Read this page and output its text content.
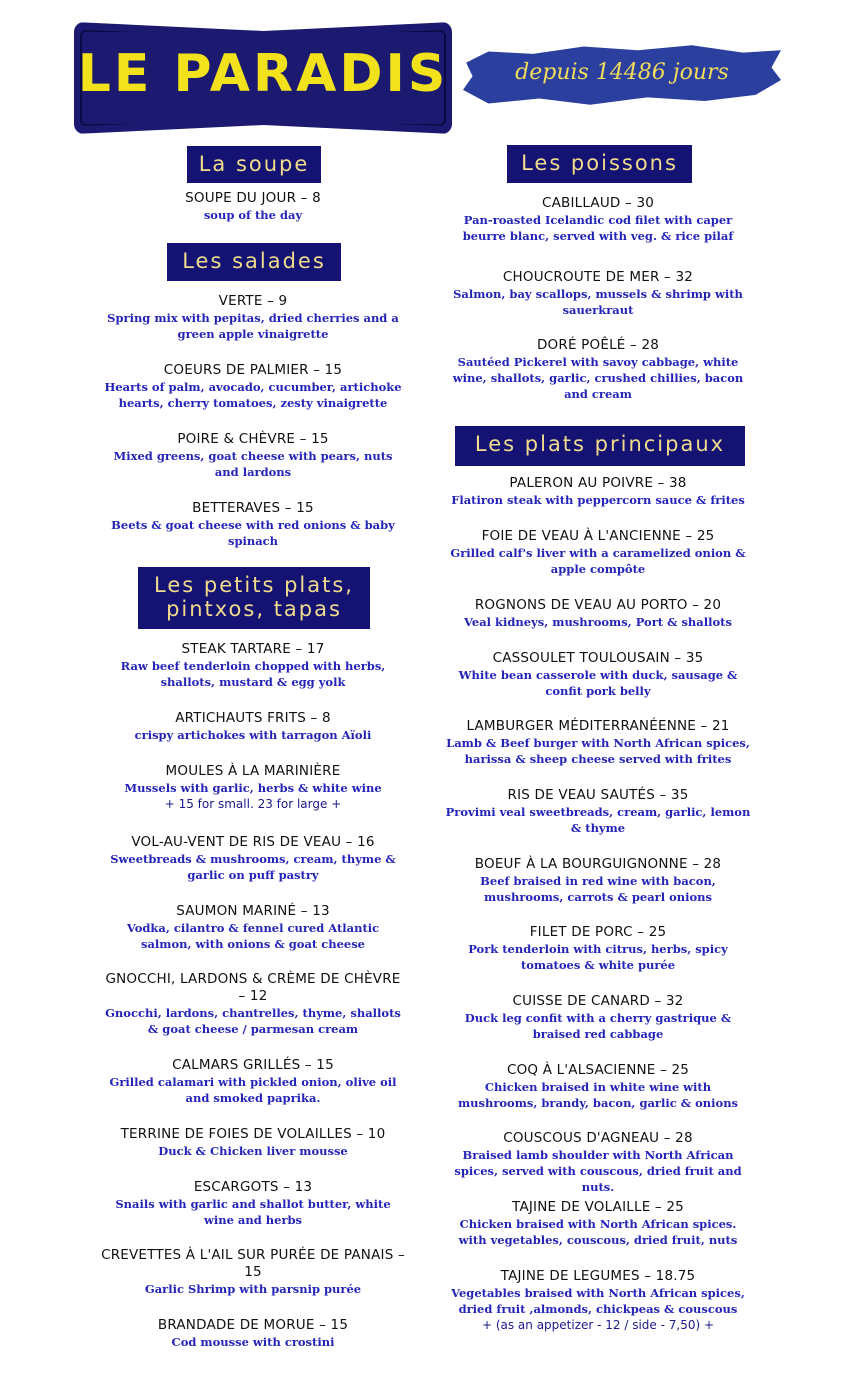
LE PARADIS	depuis 14486 jours
La soupe
SOUPE DU JOUR – 8
soup of the day
Les salades
VERTE – 9
Spring mix with pepitas, dried cherries and a green apple vinaigrette
COEURS DE PALMIER – 15
Hearts of palm, avocado, cucumber, artichoke hearts, cherry tomatoes, zesty vinaigrette
POIRE & CHÈVRE – 15
Mixed greens, goat cheese with pears, nuts and lardons
BETTERAVES – 15
Beets & goat cheese with red onions & baby spinach
Les petits plats,
pintxos, tapas
STEAK TARTARE – 17
Raw beef tenderloin chopped with herbs, shallots, mustard & egg yolk
ARTICHAUTS FRITS – 8
crispy artichokes with tarragon Aïoli
MOULES À LA MARINIÈRE
Mussels with garlic, herbs & white wine
+ 15 for small. 23 for large +
VOL-AU-VENT DE RIS DE VEAU – 16
Sweetbreads & mushrooms, cream, thyme & garlic on puff pastry
SAUMON MARINÉ – 13
Vodka, cilantro & fennel cured Atlantic salmon, with onions & goat cheese
GNOCCHI, LARDONS & CRÈME DE CHÈVRE – 12
Gnocchi, lardons, chantrelles, thyme, shallots & goat cheese / parmesan cream
CALMARS GRILLÉS – 15
Grilled calamari with pickled onion, olive oil and smoked paprika.
TERRINE DE FOIES DE VOLAILLES – 10
Duck & Chicken liver mousse
ESCARGOTS – 13
Snails with garlic and shallot butter, white wine and herbs
CREVETTES À L'AIL SUR PURÉE DE PANAIS – 15
Garlic Shrimp with parsnip purée
BRANDADE DE MORUE – 15
Cod mousse with crostini
Les poissons
CABILLAUD – 30
Pan-roasted Icelandic cod filet with caper beurre blanc, served with veg. & rice pilaf
CHOUCROUTE DE MER – 32
Salmon, bay scallops, mussels & shrimp with sauerkraut
DORÉ POÊLÉ – 28
Sautéed Pickerel with savoy cabbage, white wine, shallots, garlic, crushed chillies, bacon and cream
Les plats principaux
PALERON AU POIVRE – 38
Flatiron steak with peppercorn sauce & frites
FOIE DE VEAU À L'ANCIENNE – 25
Grilled calf's liver with a caramelized onion & apple compôte
ROGNONS DE VEAU AU PORTO – 20
Veal kidneys, mushrooms, Port & shallots
CASSOULET TOULOUSAIN – 35
White bean casserole with duck, sausage & confit pork belly
LAMBURGER MÉDITERRANÉENNE – 21
Lamb & Beef burger with North African spices, harissa & sheep cheese served with frites
RIS DE VEAU SAUTÉS – 35
Provimi veal sweetbreads, cream, garlic, lemon & thyme
BOEUF À LA BOURGUIGNONNE – 28
Beef braised in red wine with bacon, mushrooms, carrots & pearl onions
FILET DE PORC – 25
Pork tenderloin with citrus, herbs, spicy tomatoes & white purée
CUISSE DE CANARD – 32
Duck leg confit with a cherry gastrique & braised red cabbage
COQ À L'ALSACIENNE – 25
Chicken braised in white wine with mushrooms, brandy, bacon, garlic & onions
COUSCOUS D'AGNEAU – 28
Braised lamb shoulder with North African spices, served with couscous, dried fruit and nuts.
TAJINE DE VOLAILLE – 25
Chicken braised with North African spices. with vegetables, couscous, dried fruit, nuts
TAJINE DE LEGUMES – 18.75
Vegetables braised with North African spices, dried fruit ,almonds, chickpeas & couscous
+ (as an appetizer - 12 / side - 7,50) +
